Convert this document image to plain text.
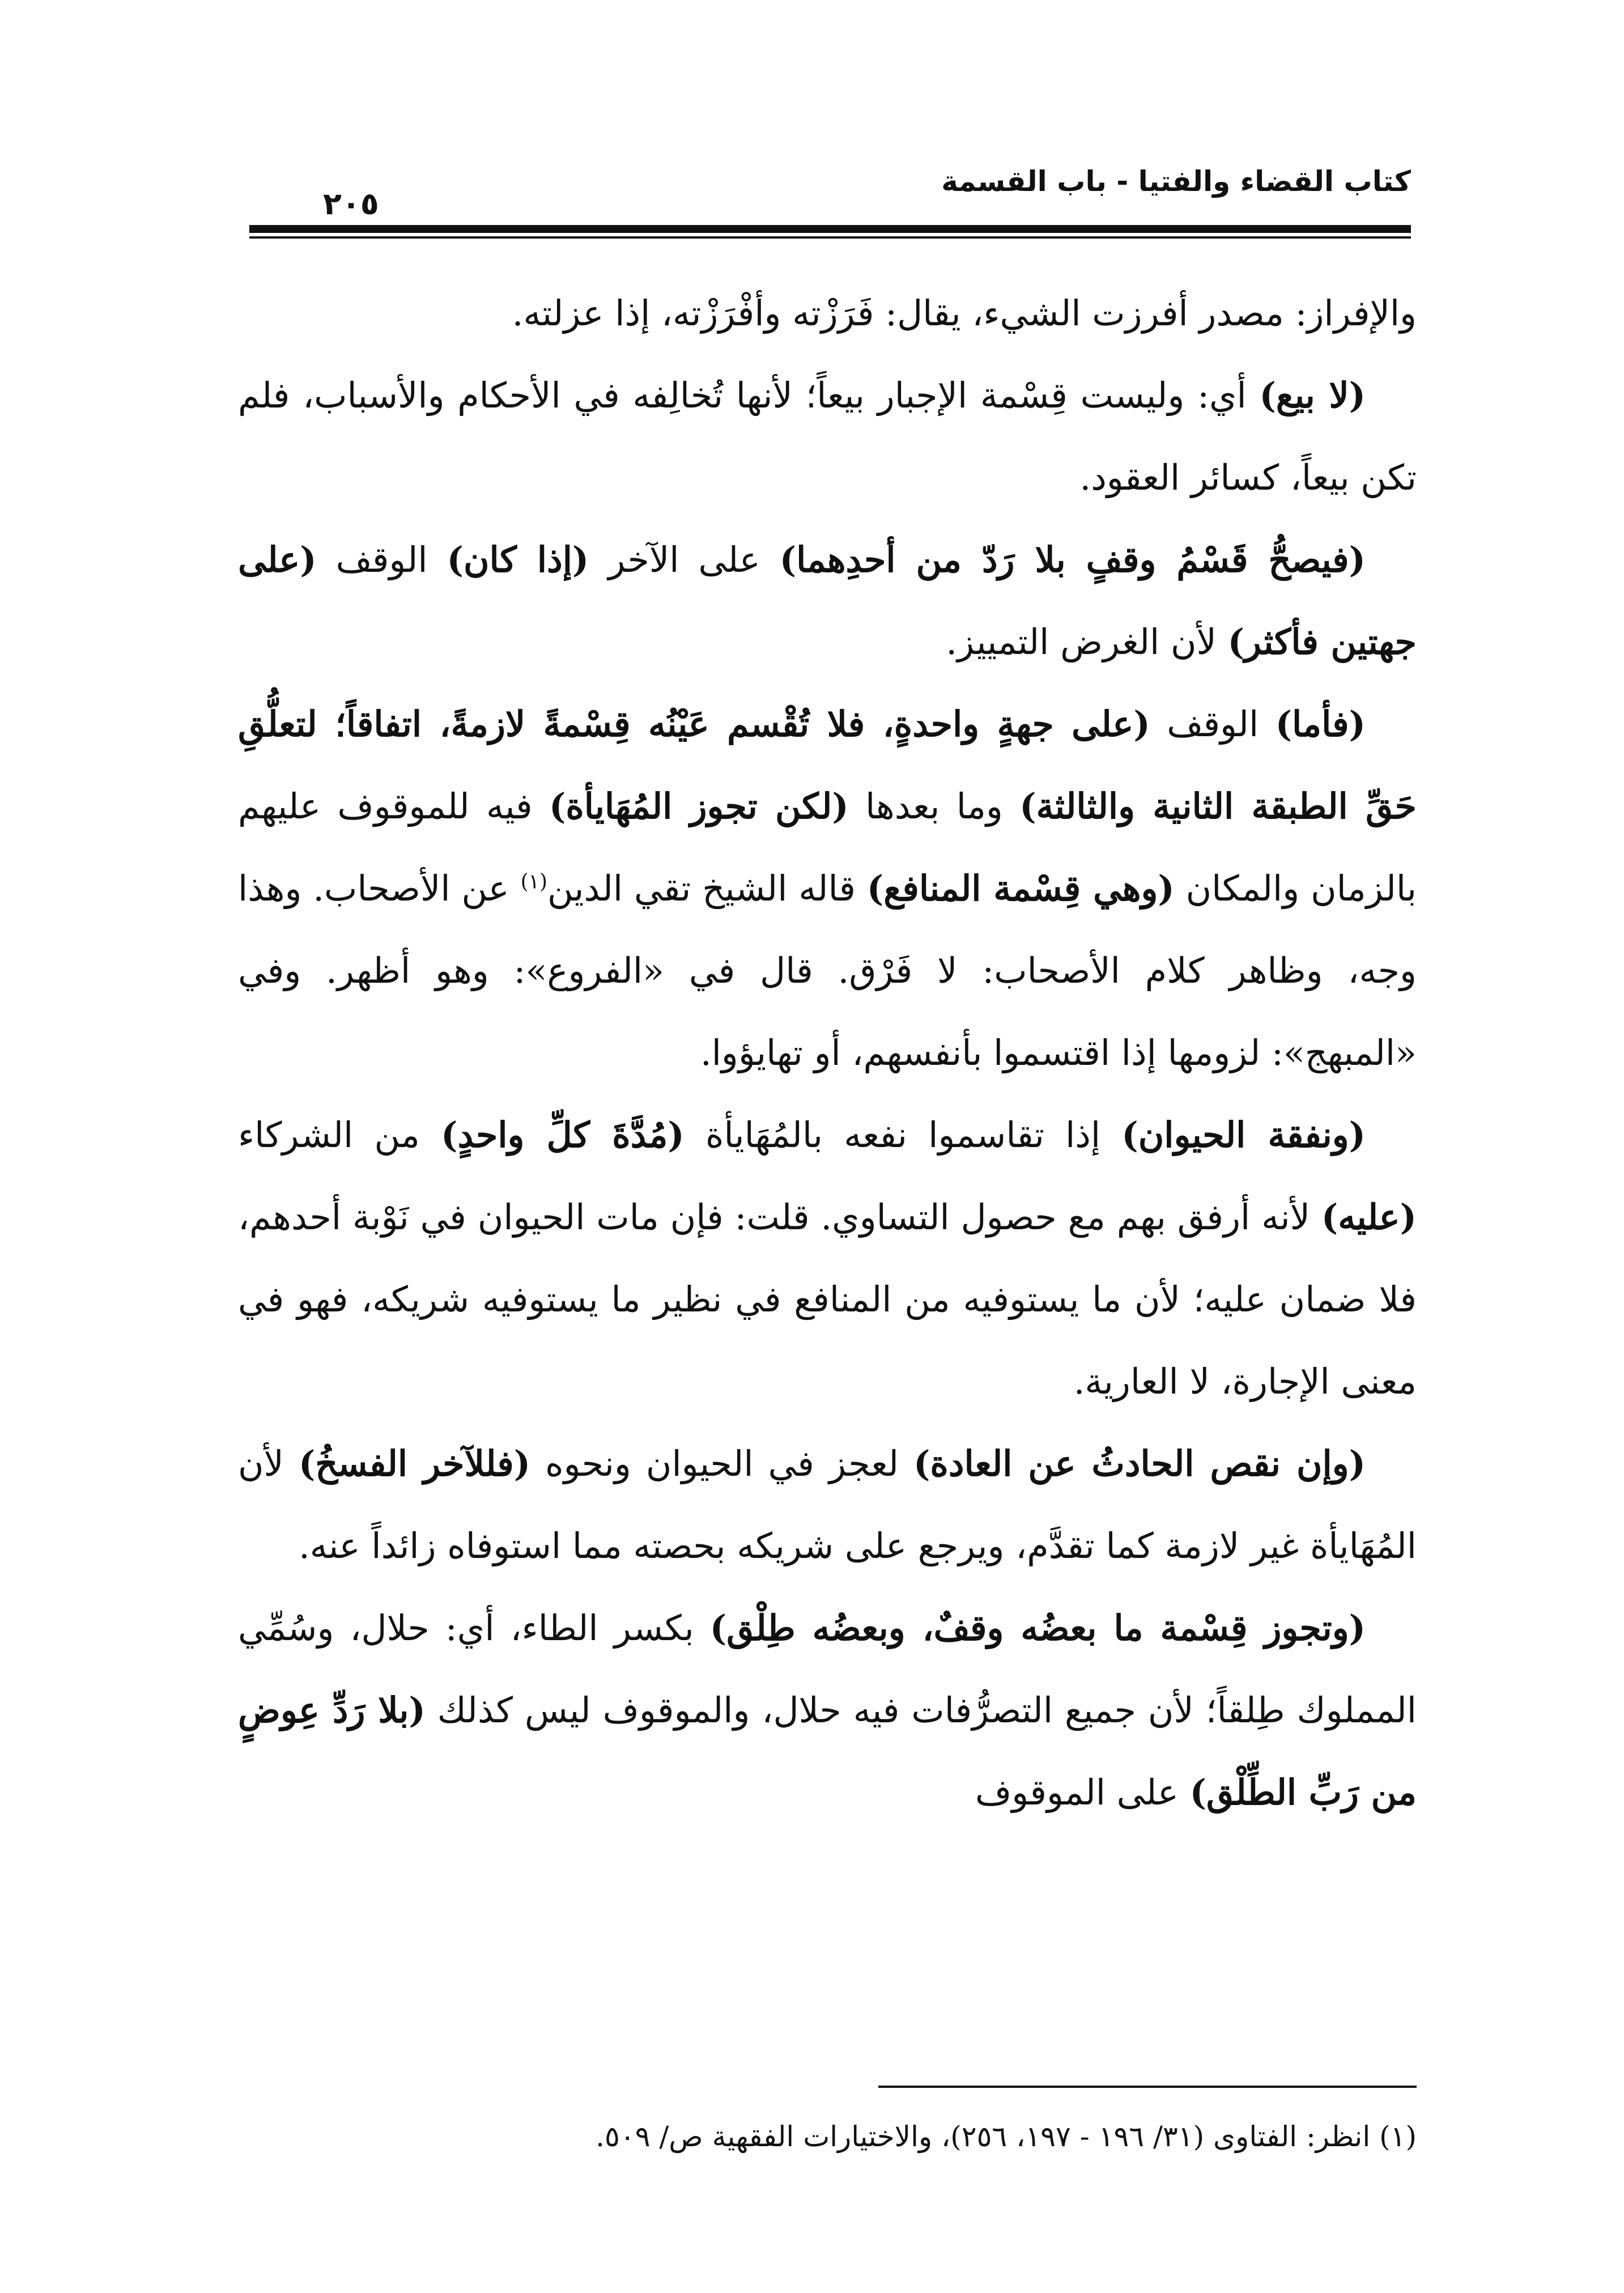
كتاب القضاء والفتيا - باب القسمة
٢٠٥

والإفراز: مصدر أفرزت الشيء، يقال: فَرَزْته وأفْرَزْته، إذا عزلته.

(لا بيع) أي: وليست قِسْمة الإجبار بيعاً؛ لأنها تُخالِفه في الأحكام والأسباب، فلم تكن بيعاً، كسائر العقود.

(فيصحُّ قَسْمُ وقفٍ بلا رَدّ من أحدِهما) على الآخر (إذا كان) الوقف (على جهتين فأكثر) لأن الغرض التمييز.

(فأما) الوقف (على جهةٍ واحدةٍ، فلا تُقْسم عَيْنُه قِسْمةً لازمةً، اتفاقاً؛ لتعلُّقِ حَقِّ الطبقة الثانية والثالثة) وما بعدها (لكن تجوز المُهَايأة) فيه للموقوف عليهم بالزمان والمكان (وهي قِسْمة المنافع) قاله الشيخ تقي الدين$^{(١)}$ عن الأصحاب. وهذا وجه، وظاهر كلام الأصحاب: لا فَرْق. قال في «الفروع»: وهو أظهر. وفي «المبهج»: لزومها إذا اقتسموا بأنفسهم، أو تهايؤوا.

(ونفقة الحيوان) إذا تقاسموا نفعه بالمُهَايأة (مُدَّةَ كلِّ واحدٍ) من الشركاء (عليه) لأنه أرفق بهم مع حصول التساوي. قلت: فإن مات الحيوان في نَوْبة أحدهم، فلا ضمان عليه؛ لأن ما يستوفيه من المنافع في نظير ما يستوفيه شريكه، فهو في معنى الإجارة، لا العارية.

(وإن نقص الحادثُ عن العادة) لعجز في الحيوان ونحوه (فللآخر الفسخُ) لأن المُهَايأة غير لازمة كما تقدَّم، ويرجع على شريكه بحصته مما استوفاه زائداً عنه.

(وتجوز قِسْمة ما بعضُه وقفٌ، وبعضُه طِلْق) بكسر الطاء، أي: حلال، وسُمِّي المملوك طِلقاً؛ لأن جميع التصرُّفات فيه حلال، والموقوف ليس كذلك (بلا رَدِّ عِوضٍ من رَبِّ الطِّلْق) على الموقوف

(١) انظر: الفتاوى (٣١/ ١٩٦ - ١٩٧، ٢٥٦)، والاختيارات الفقهية ص/ ٥٠٩.
